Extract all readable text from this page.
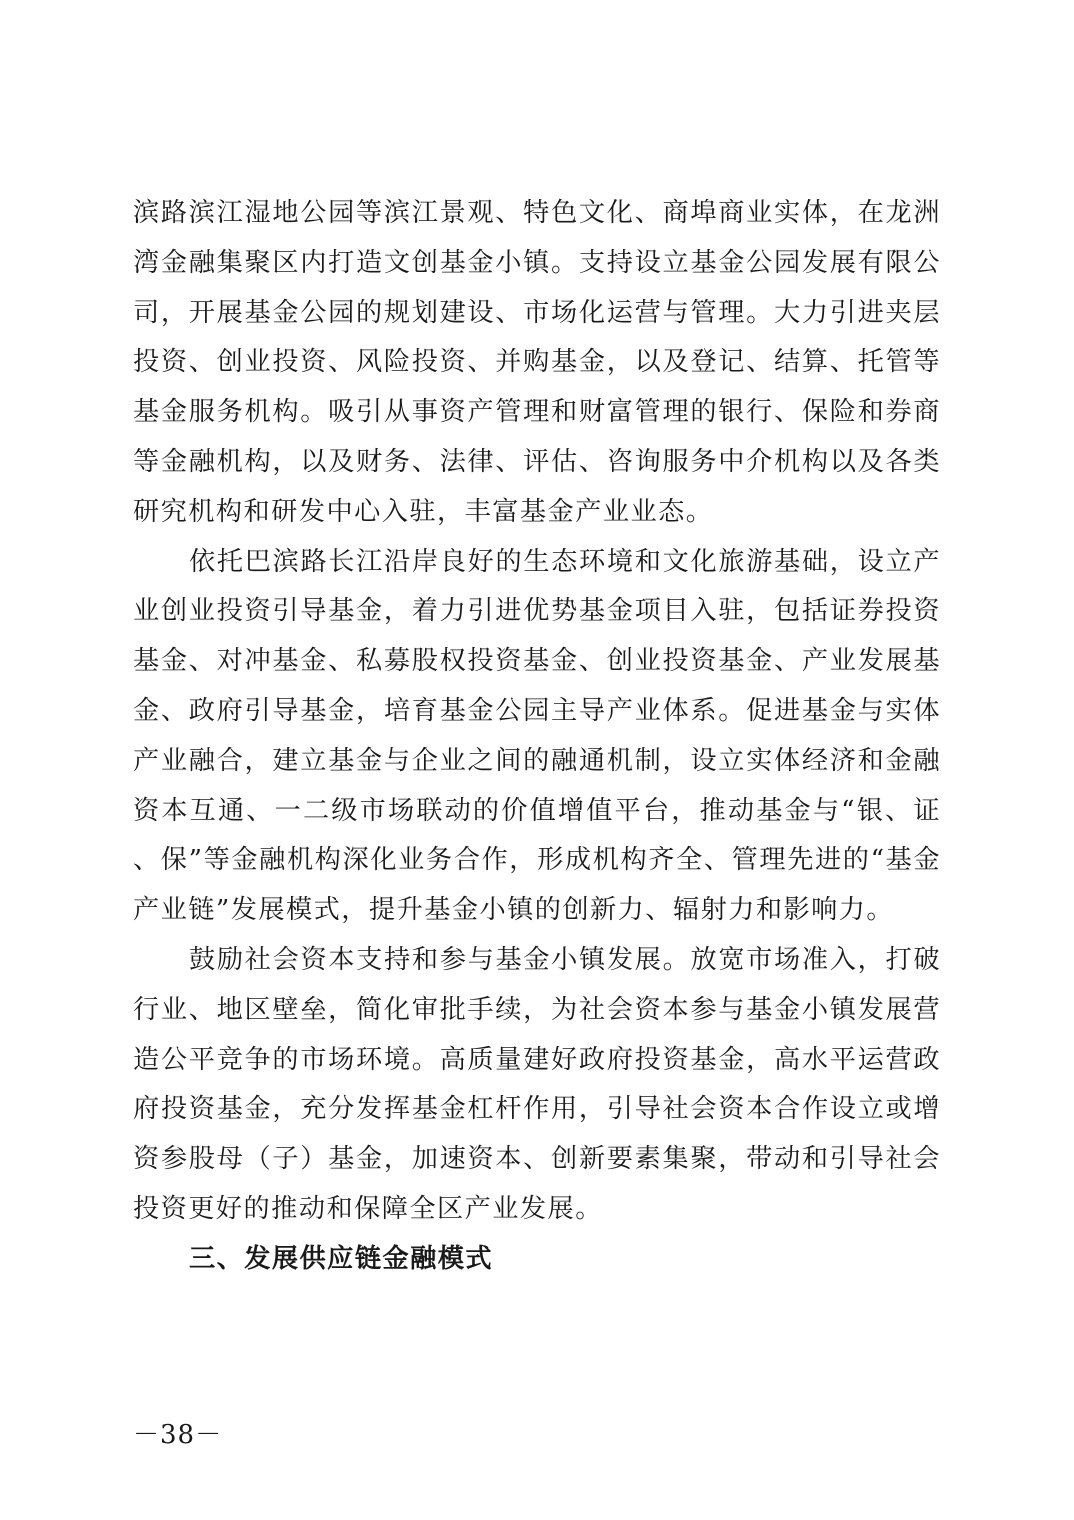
滨路滨江湿地公园等滨江景观、特色文化、商埠商业实体，在龙洲湾金融集聚区内打造文创基金小镇。支持设立基金公园发展有限公司，开展基金公园的规划建设、市场化运营与管理。大力引进夹层投资、创业投资、风险投资、并购基金，以及登记、结算、托管等基金服务机构。吸引从事资产管理和财富管理的银行、保险和券商等金融机构，以及财务、法律、评估、咨询服务中介机构以及各类研究机构和研发中心入驻，丰富基金产业业态。

依托巴滨路长江沿岸良好的生态环境和文化旅游基础，设立产业创业投资引导基金，着力引进优势基金项目入驻，包括证券投资基金、对冲基金、私募股权投资基金、创业投资基金、产业发展基金、政府引导基金，培育基金公园主导产业体系。促进基金与实体产业融合，建立基金与企业之间的融通机制，设立实体经济和金融资本互通、一二级市场联动的价值增值平台，推动基金与“银、证、保”等金融机构深化业务合作，形成机构齐全、管理先进的“基金产业链”发展模式，提升基金小镇的创新力、辐射力和影响力。

鼓励社会资本支持和参与基金小镇发展。放宽市场准入，打破行业、地区壁垒，简化审批手续，为社会资本参与基金小镇发展营造公平竞争的市场环境。高质量建好政府投资基金，高水平运营政府投资基金，充分发挥基金杠杆作用，引导社会资本合作设立或增资参股母（子）基金，加速资本、创新要素集聚，带动和引导社会投资更好的推动和保障全区产业发展。

三、发展供应链金融模式

－38－
